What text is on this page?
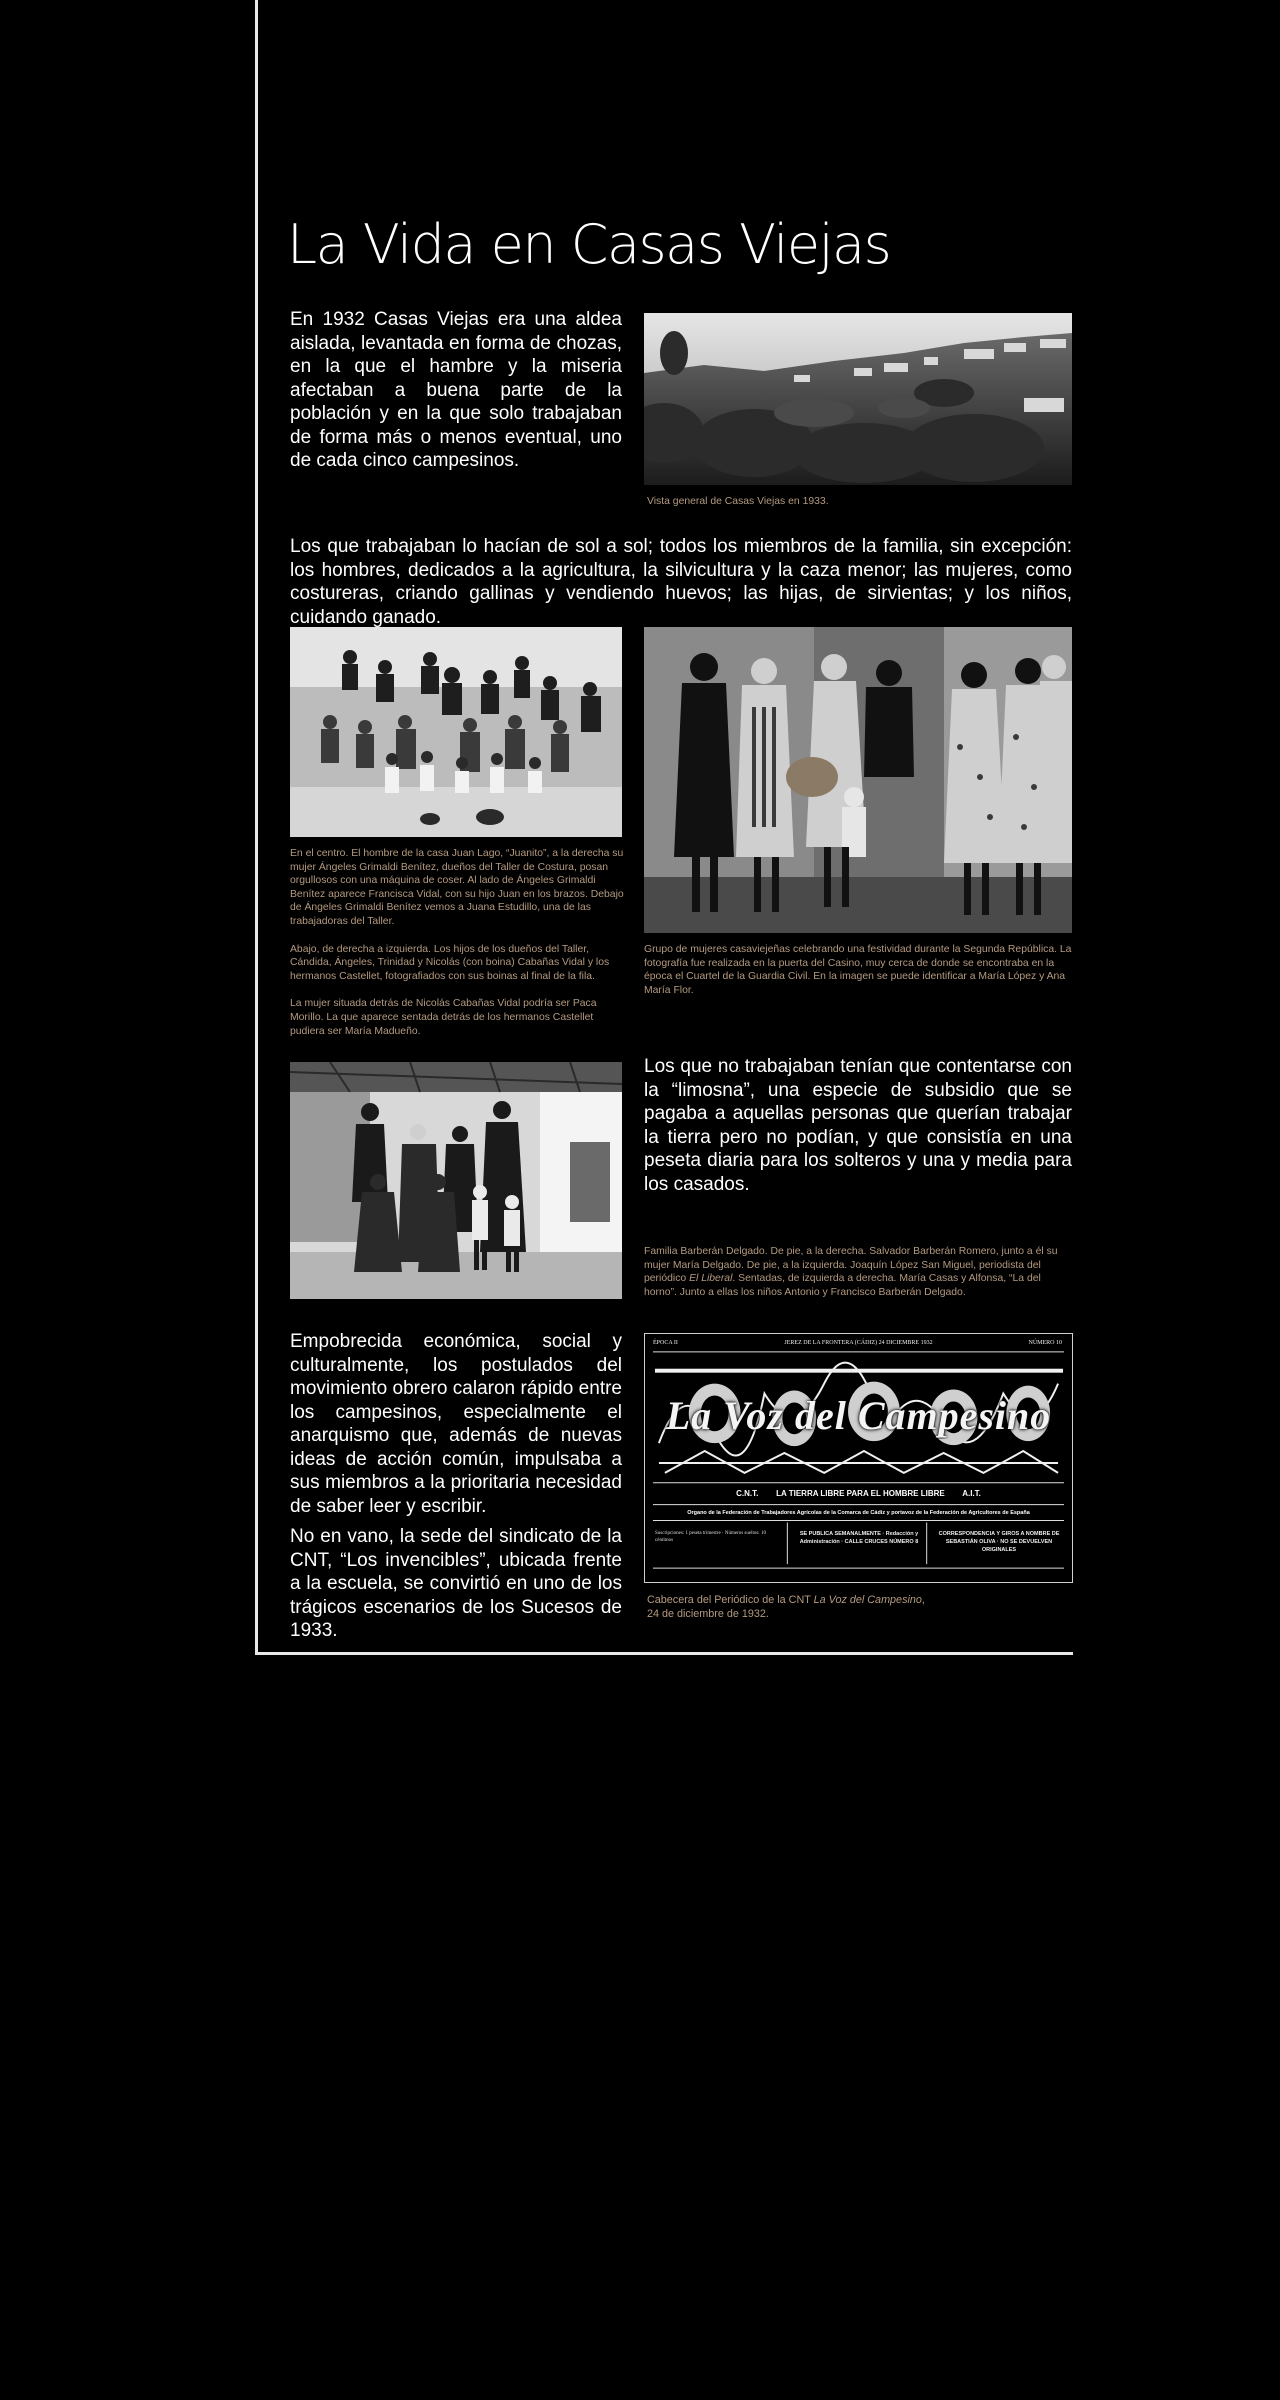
La Vida en Casas Viejas

En 1932 Casas Viejas era una aldea aislada, levantada en forma de chozas, en la que el hambre y la miseria afectaban a buena parte de la población y en la que solo trabajaban de forma más o menos eventual, uno de cada cinco campesinos.

Vista general de Casas Viejas en 1933.

Los que trabajaban lo hacían de sol a sol; todos los miembros de la familia, sin excepción: los hombres, dedicados a la agricultura, la silvicultura y la caza menor; las mujeres, como costureras, criando gallinas y vendiendo huevos; las hijas, de sirvientas; y los niños, cuidando ganado.

En el centro. El hombre de la casa Juan Lago, “Juanito”, a la derecha su mujer Ángeles Grimaldi Benítez, dueños del Taller de Costura, posan orgullosos con una máquina de coser. Al lado de Ángeles Grimaldi Benítez aparece Francisca Vidal, con su hijo Juan en los brazos. Debajo de Ángeles Grimaldi Benítez vemos a Juana Estudillo, una de las trabajadoras del Taller.

Abajo, de derecha a izquierda. Los hijos de los dueños del Taller, Cándida, Ángeles, Trinidad y Nicolás (con boina) Cabañas Vidal y los hermanos Castellet, fotografiados con sus boinas al final de la fila.

La mujer situada detrás de Nicolás Cabañas Vidal podría ser Paca Morillo. La que aparece sentada detrás de los hermanos Castellet pudiera ser María Madueño.

Grupo de mujeres casaviejeñas celebrando una festividad durante la Segunda República. La fotografía fue realizada en la puerta del Casino, muy cerca de donde se encontraba en la época el Cuartel de la Guardia Civil. En la imagen se puede identificar a María López y Ana María Flor.

Los que no trabajaban tenían que contentarse con la “limosna”, una especie de subsidio que se pagaba a aquellas personas que querían trabajar la tierra pero no podían, y que consistía en una peseta diaria para los solteros y una y media para los casados.

Familia Barberán Delgado. De pie, a la derecha. Salvador Barberán Romero, junto a él su mujer María Delgado. De pie, a la izquierda. Joaquín López San Miguel, periodista del periódico El Liberal. Sentadas, de izquierda a derecha. María Casas y Alfonsa, “La del horno”. Junto a ellas los niños Antonio y Francisco Barberán Delgado.

Empobrecida económica, social y culturalmente, los postulados del movimiento obrero calaron rápido entre los campesinos, especialmente el anarquismo que, además de nuevas ideas de acción común, impulsaba a sus miembros a la prioritaria necesidad de saber leer y escribir.

No en vano, la sede del sindicato de la CNT, “Los invencibles”, ubicada frente a la escuela, se convirtió en uno de los trágicos escenarios de los Sucesos de 1933.

ÉPOCA II	JEREZ DE LA FRONTERA (CÁDIZ) 24 DICIEMBRE 1932	NÚMERO 10
La Voz del Campesino
C.N.T. LA TIERRA LIBRE PARA EL HOMBRE LIBRE A.I.T.
Órgano de la Federación de Trabajadores Agrícolas de la Comarca de Cádiz y portavoz de la Federación de Agricultores de España
Suscripciones: 1 peseta trimestre · Números sueltos: 10 céntimos
SE PUBLICA SEMANALMENTE · Redacción y Administración · CALLE CRUCES NÚMERO 8
CORRESPONDENCIA Y GIROS A NOMBRE DE SEBASTIÁN OLIVA · NO SE DEVUELVEN ORIGINALES

Cabecera del Periódico de la CNT La Voz del Campesino,
24 de diciembre de 1932.
